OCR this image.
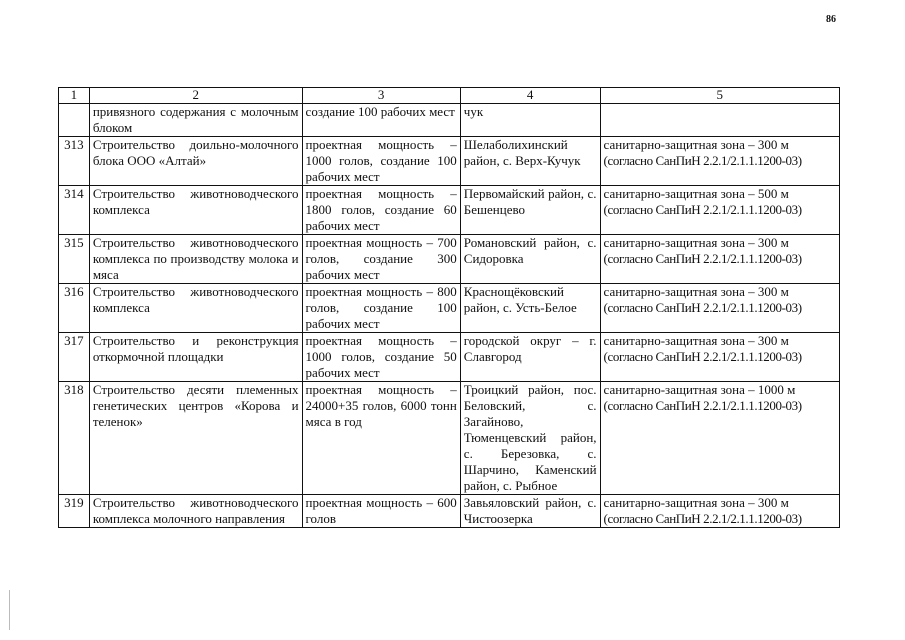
86
1	2	3	4	5
	привязного содержания с молочным блоком	создание 100 рабочих мест	чук	

313	Строительство доильно-молочного блока ООО «Алтай»	проектная мощность – 1000 голов, создание 100 рабочих мест	Шелаболихинский район, с. Верх-Кучук	санитарно-защитная зона – 300 м
(согласно СанПиН 2.2.1/2.1.1.1200-03)

314	Строительство животноводческого комплекса	проектная мощность – 1800 голов, создание 60 рабочих мест	Первомайский район, с. Бешенцево	санитарно-защитная зона – 500 м
(согласно СанПиН 2.2.1/2.1.1.1200-03)

315	Строительство животноводческого комплекса по производству молока и мяса	проектная мощность – 700 голов, создание 300 рабочих мест	Романовский район, с. Сидоровка	санитарно-защитная зона – 300 м
(согласно СанПиН 2.2.1/2.1.1.1200-03)

316	Строительство животноводческого комплекса	проектная мощность – 800 голов, создание 100 рабочих мест	Краснощёковский район, с. Усть-Белое	санитарно-защитная зона – 300 м
(согласно СанПиН 2.2.1/2.1.1.1200-03)

317	Строительство и реконструкция откормочной площадки	проектная мощность – 1000 голов, создание 50 рабочих мест	городской округ – г. Славгород	санитарно-защитная зона – 300 м
(согласно СанПиН 2.2.1/2.1.1.1200-03)

318	Строительство десяти племенных генетических центров «Корова и теленок»	проектная мощность – 24000+35 голов, 6000 тонн мяса в год	Троицкий район, пос. Беловский, с. Загайново, Тюменцевский район, с. Березовка, с. Шарчино, Каменский район, с. Рыбное	санитарно-защитная зона – 1000 м
(согласно СанПиН 2.2.1/2.1.1.1200-03)

319	Строительство животноводческого комплекса молочного направления	проектная мощность – 600 голов	Завьяловский район, с. Чистоозерка	санитарно-защитная зона – 300 м
(согласно СанПиН 2.2.1/2.1.1.1200-03)
